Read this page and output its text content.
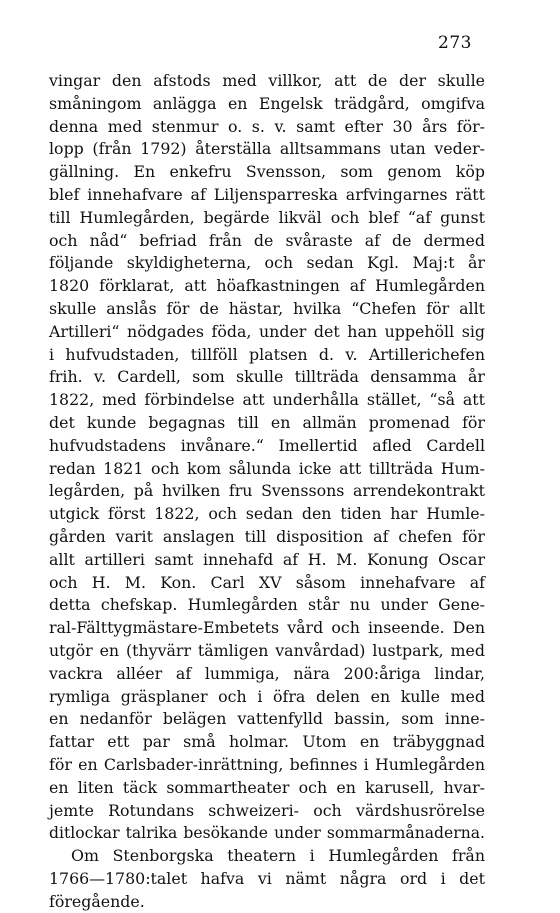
273
vingar den afstods med villkor, att de der skulle
småningom anlägga en Engelsk trädgård, omgifva
denna med stenmur o. s. v. samt efter 30 års för-
lopp (från 1792) återställa alltsammans utan veder-
gällning. En enkefru Svensson, som genom köp
blef innehafvare af Liljensparreska arfvingarnes rätt
till Humlegården, begärde likväl och blef “af gunst
och nåd“ befriad från de svåraste af de dermed
följande skyldigheterna, och sedan Kgl. Maj:t år
1820 förklarat, att höafkastningen af Humlegården
skulle anslås för de hästar, hvilka “Chefen för allt
Artilleri“ nödgades föda, under det han uppehöll sig
i hufvudstaden, tillföll platsen d. v. Artillerichefen
frih. v. Cardell, som skulle tillträda densamma år
1822, med förbindelse att underhålla stället, “så att
det kunde begagnas till en allmän promenad för
hufvudstadens invånare.“ Imellertid afled Cardell
redan 1821 och kom sålunda icke att tillträda Hum-
legården, på hvilken fru Svenssons arrendekontrakt
utgick först 1822, och sedan den tiden har Humle-
gården varit anslagen till disposition af chefen för
allt artilleri samt innehafd af H. M. Konung Oscar
och H. M. Kon. Carl XV såsom innehafvare af
detta chefskap. Humlegården står nu under Gene-
ral-Fälttygmästare-Embetets vård och inseende. Den
utgör en (thyvärr tämligen vanvårdad) lustpark, med
vackra alléer af lummiga, nära 200:åriga lindar,
rymliga gräsplaner och i öfra delen en kulle med
en nedanför belägen vattenfylld bassin, som inne-
fattar ett par små holmar. Utom en träbyggnad
för en Carlsbader-inrättning, befinnes i Humlegården
en liten täck sommartheater och en karusell, hvar-
jemte Rotundans schweizeri- och värdshusrörelse
ditlockar talrika besökande under sommarmånaderna.
Om Stenborgska theatern i Humlegården från
1766—1780:talet hafva vi nämt några ord i det
föregående.
